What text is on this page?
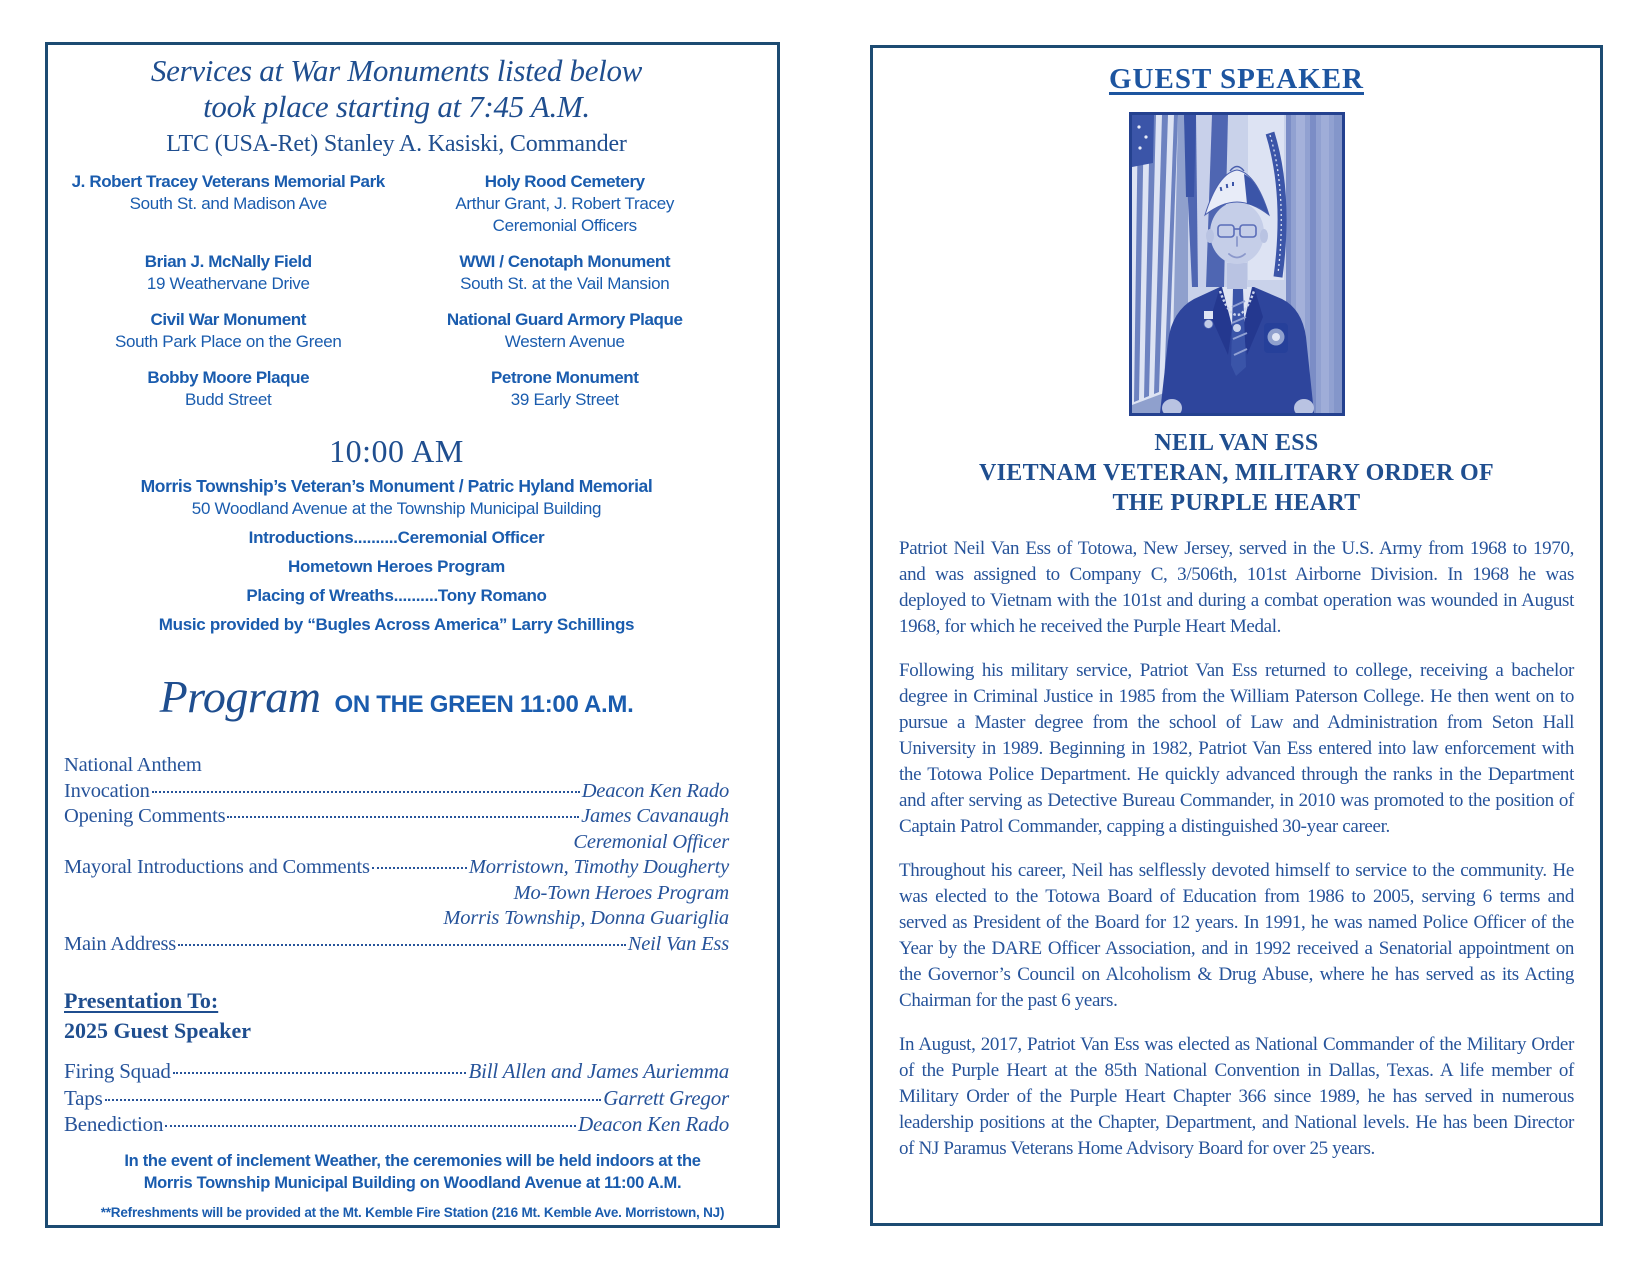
Services at War Monuments listed below
took place starting at 7:45 A.M.
LTC (USA-Ret) Stanley A. Kasiski, Commander
J. Robert Tracey Veterans Memorial Park
South St. and Madison Ave
Holy Rood Cemetery
Arthur Grant, J. Robert Tracey
Ceremonial Officers
Brian J. McNally Field
19 Weathervane Drive
WWI / Cenotaph Monument
South St. at the Vail Mansion
Civil War Monument
South Park Place on the Green
National Guard Armory Plaque
Western Avenue
Bobby Moore Plaque
Budd Street
Petrone Monument
39 Early Street
10:00 AM
Morris Township’s Veteran’s Monument / Patric Hyland Memorial
50 Woodland Avenue at the Township Municipal Building
Introductions..........Ceremonial Officer
Hometown Heroes Program
Placing of Wreaths..........Tony Romano
Music provided by “Bugles Across America” Larry Schillings
Program ON THE GREEN 11:00 A.M.
National Anthem
Invocation	Deacon Ken Rado
Opening Comments	James Cavanaugh
Ceremonial Officer
Mayoral Introductions and Comments	Morristown, Timothy Dougherty
Mo-Town Heroes Program
Morris Township, Donna Guariglia
Main Address	Neil Van Ess
Presentation To:
2025 Guest Speaker
Firing Squad	Bill Allen and James Auriemma
Taps	Garrett Gregor
Benediction	Deacon Ken Rado
In the event of inclement Weather, the ceremonies will be held indoors at the
Morris Township Municipal Building on Woodland Avenue at 11:00 A.M.
**Refreshments will be provided at the Mt. Kemble Fire Station (216 Mt. Kemble Ave. Morristown, NJ)
GUEST SPEAKER
NEIL VAN ESS
VIETNAM VETERAN, MILITARY ORDER OF
THE PURPLE HEART

Patriot Neil Van Ess of Totowa, New Jersey, served in the U.S. Army from 1968 to 1970, and was assigned to Company C, 3/506th, 101st Airborne Division. In 1968 he was deployed to Vietnam with the 101st and during a combat operation was wounded in August 1968, for which he received the Purple Heart Medal.

Following his military service, Patriot Van Ess returned to college, receiving a bachelor degree in Criminal Justice in 1985 from the William Paterson College. He then went on to pursue a Master degree from the school of Law and Administration from Seton Hall University in 1989. Beginning in 1982, Patriot Van Ess entered into law enforcement with the Totowa Police Department. He quickly advanced through the ranks in the Department and after serving as Detective Bureau Commander, in 2010 was promoted to the position of Captain Patrol Commander, capping a distinguished 30-year career.

Throughout his career, Neil has selflessly devoted himself to service to the community. He was elected to the Totowa Board of Education from 1986 to 2005, serving 6 terms and served as President of the Board for 12 years. In 1991, he was named Police Officer of the Year by the DARE Officer Association, and in 1992 received a Senatorial appointment on the Governor’s Council on Alcoholism & Drug Abuse, where he has served as its Acting Chairman for the past 6 years.

In August, 2017, Patriot Van Ess was elected as National Commander of the Military Order of the Purple Heart at the 85th National Convention in Dallas, Texas. A life member of Military Order of the Purple Heart Chapter 366 since 1989, he has served in numerous leadership positions at the Chapter, Department, and National levels. He has been Director of NJ Paramus Veterans Home Advisory Board for over 25 years.
